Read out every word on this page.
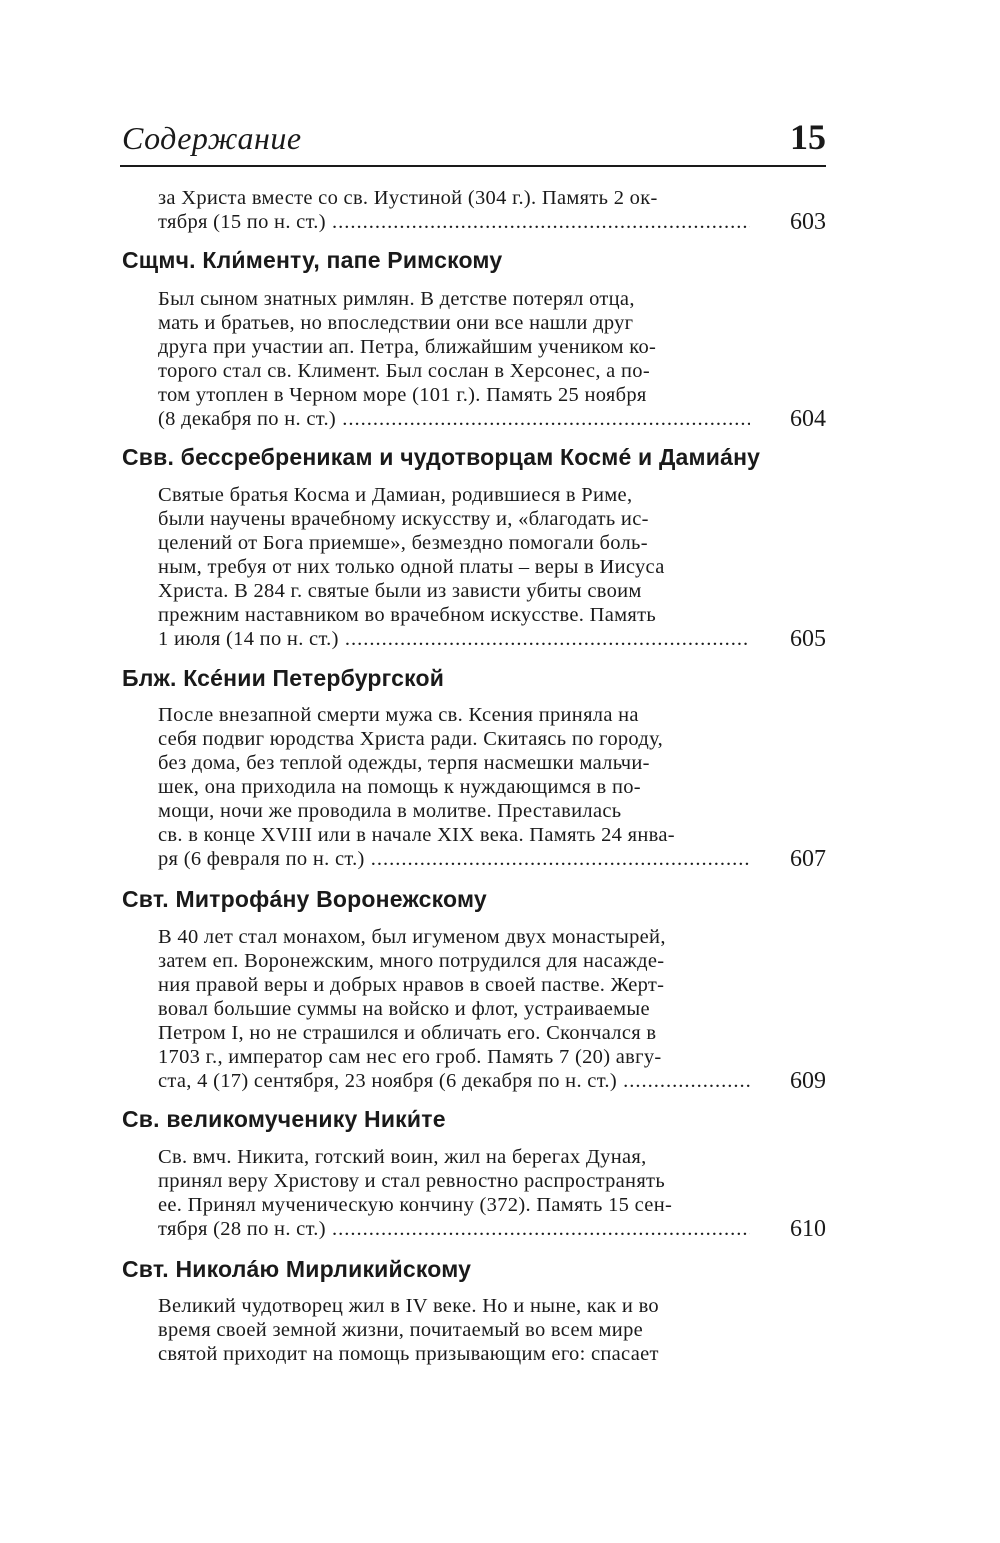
Содержание	15
за Христа вместе со св. Иустиной (304 г.). Память 2 ок-
тября (15 по н. ст.) .....	603
Сщмч. Кли́менту, папе Римскому
Был сыном знатных римлян. В детстве потерял отца,
мать и братьев, но впоследствии они все нашли друг
друга при участии ап. Петра, ближайшим учеником ко-
торого стал св. Климент. Был сослан в Херсонес, а по-
том утоплен в Черном море (101 г.). Память 25 ноября
(8 декабря по н. ст.) .....	604
Свв. бессребреникам и чудотворцам Космé и Дамиáну
Святые братья Косма и Дамиан, родившиеся в Риме,
были научены врачебному искусству и, «благодать ис-
целений от Бога приемше», безмездно помогали боль-
ным, требуя от них только одной платы – веры в Иисуса
Христа. В 284 г. святые были из зависти убиты своим
прежним наставником во врачебном искусстве. Память
1 июля (14 по н. ст.) .....	605
Блж. Ксéнии Петербургской
После внезапной смерти мужа св. Ксения приняла на
себя подвиг юродства Христа ради. Скитаясь по городу,
без дома, без теплой одежды, терпя насмешки мальчи-
шек, она приходила на помощь к нуждающимся в по-
мощи, ночи же проводила в молитве. Преставилась
св. в конце XVIII или в начале XIX века. Память 24 янва-
ря (6 февраля по н. ст.) .....	607
Свт. Митрофáну Воронежскому
В 40 лет стал монахом, был игуменом двух монастырей,
затем еп. Воронежским, много потрудился для насажде-
ния правой веры и добрых нравов в своей пастве. Жерт-
вовал большие суммы на войско и флот, устраиваемые
Петром I, но не страшился и обличать его. Скончался в
1703 г., император сам нес его гроб. Память 7 (20) авгу-
ста, 4 (17) сентября, 23 ноября (6 декабря по н. ст.) .....	609
Св. великомученику Ники́те
Св. вмч. Никита, готский воин, жил на берегах Дуная,
принял веру Христову и стал ревностно распространять
ее. Принял мученическую кончину (372). Память 15 сен-
тября (28 по н. ст.) .....	610
Свт. Николáю Мирликийскому
Великий чудотворец жил в IV веке. Но и ныне, как и во
время своей земной жизни, почитаемый во всем мире
святой приходит на помощь призывающим его: спасает
